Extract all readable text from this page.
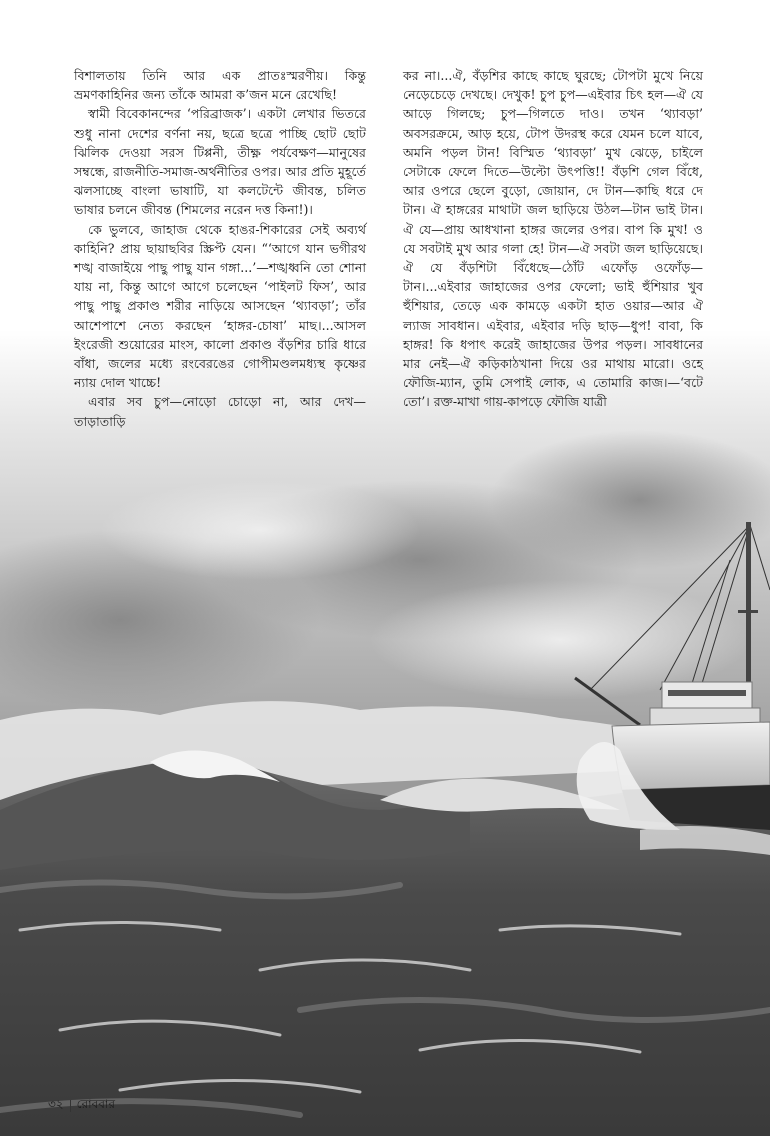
বিশালতায় তিনি আর এক প্রাতঃস্মরণীয়। কিন্তু ভ্রমণকাহিনির জন্য তাঁকে আমরা ক’জন মনে রেখেছি!

স্বামী বিবেকানন্দের ‘পরিব্রাজক’। একটা লেখার ভিতরে শুধু নানা দেশের বর্ণনা নয়, ছত্রে ছত্রে পাচ্ছি ছোট ছোট ঝিলিক দেওয়া সরস টিপ্পনী, তীক্ষ্ণ পর্যবেক্ষণ—মানুষের সম্বন্ধে, রাজনীতি-সমাজ-অর্থনীতির ওপর। আর প্রতি মুহূর্তে ঝলসাচ্ছে বাংলা ভাষাটি, যা কলটেন্টে জীবন্ত, চলিত ভাষার চলনে জীবন্ত (শিমলের নরেন দত্ত কিনা!)।

কে ভুলবে, জাহাজ থেকে হাঙর-শিকারের সেই অব্যর্থ কাহিনি? প্রায় ছায়াছবির স্ক্রিপ্ট যেন। “‘আগে যান ভগীরথ শঙ্খ বাজাইয়ে পাছু পাছু যান গঙ্গা...’—শঙ্খধ্বনি তো শোনা যায় না, কিন্তু আগে আগে চলেছেন ‘পাইলট ফিস’, আর পাছু পাছু প্রকাণ্ড শরীর নাড়িয়ে আসছেন ‘থ্যাবড়া’; তাঁর আশেপাশে নেত্য করছেন ‘হাঙ্গর-চোষা’ মাছ।...আসল ইংরেজী শুয়োরের মাংস, কালো প্রকাণ্ড বঁড়শির চারি ধারে বাঁধা, জলের মধ্যে রংবেরঙের গোপীমণ্ডলমধ্যস্থ কৃষ্ণের ন্যায় দোল খাচ্চে!

এবার সব চুপ—নোড়ো চোড়ো না, আর দেখ—তাড়াতাড়ি

কর না।...ঐ, বঁড়শির কাছে কাছে ঘুরছে; টোপটা মুখে নিয়ে নেড়েচেড়ে দেখছে। দেখুক! চুপ চুপ—এইবার চিৎ হল—ঐ যে আড়ে গিলছে; চুপ—গিলতে দাও। তখন ‘থ্যাবড়া’ অবসরক্রমে, আড় হয়ে, টোপ উদরস্থ করে যেমন চলে যাবে, অমনি পড়ল টান! বিস্মিত ‘থ্যাবড়া’ মুখ ঝেড়ে, চাইলে সেটাকে ফেলে দিতে—উল্টো উৎপত্তি!! বঁড়শি গেল বিঁধে, আর ওপরে ছেলে বুড়ো, জোয়ান, দে টান—কাছি ধরে দে টান। ঐ হাঙ্গরের মাথাটা জল ছাড়িয়ে উঠল—টান ভাই টান। ঐ যে—প্রায় আধখানা হাঙ্গর জলের ওপর। বাপ কি মুখ! ও যে সবটাই মুখ আর গলা হে! টান—ঐ সবটা জল ছাড়িয়েছে। ঐ যে বঁড়শিটা বিঁধেছে—ঠোঁট এফোঁড় ওফোঁড়—টান।...এইবার জাহাজের ওপর ফেলো; ভাই হুঁশিয়ার খুব হুঁশিয়ার, তেড়ে এক কামড়ে একটা হাত ওয়ার—আর ঐ ল্যাজ সাবধান। এইবার, এইবার দড়ি ছাড়—ধুপ! বাবা, কি হাঙ্গর! কি ধপাৎ করেই জাহাজের উপর পড়ল। সাবধানের মার নেই—ঐ কড়িকাঠখানা দিয়ে ওর মাথায় মারো। ওহে ফৌজি-ম্যান, তুমি সেপাই লোক, এ তোমারি কাজ।—‘বটে তো’। রক্ত-মাখা গায়-কাপড়ে ফৌজি যাত্রী

৩২ রোববার
